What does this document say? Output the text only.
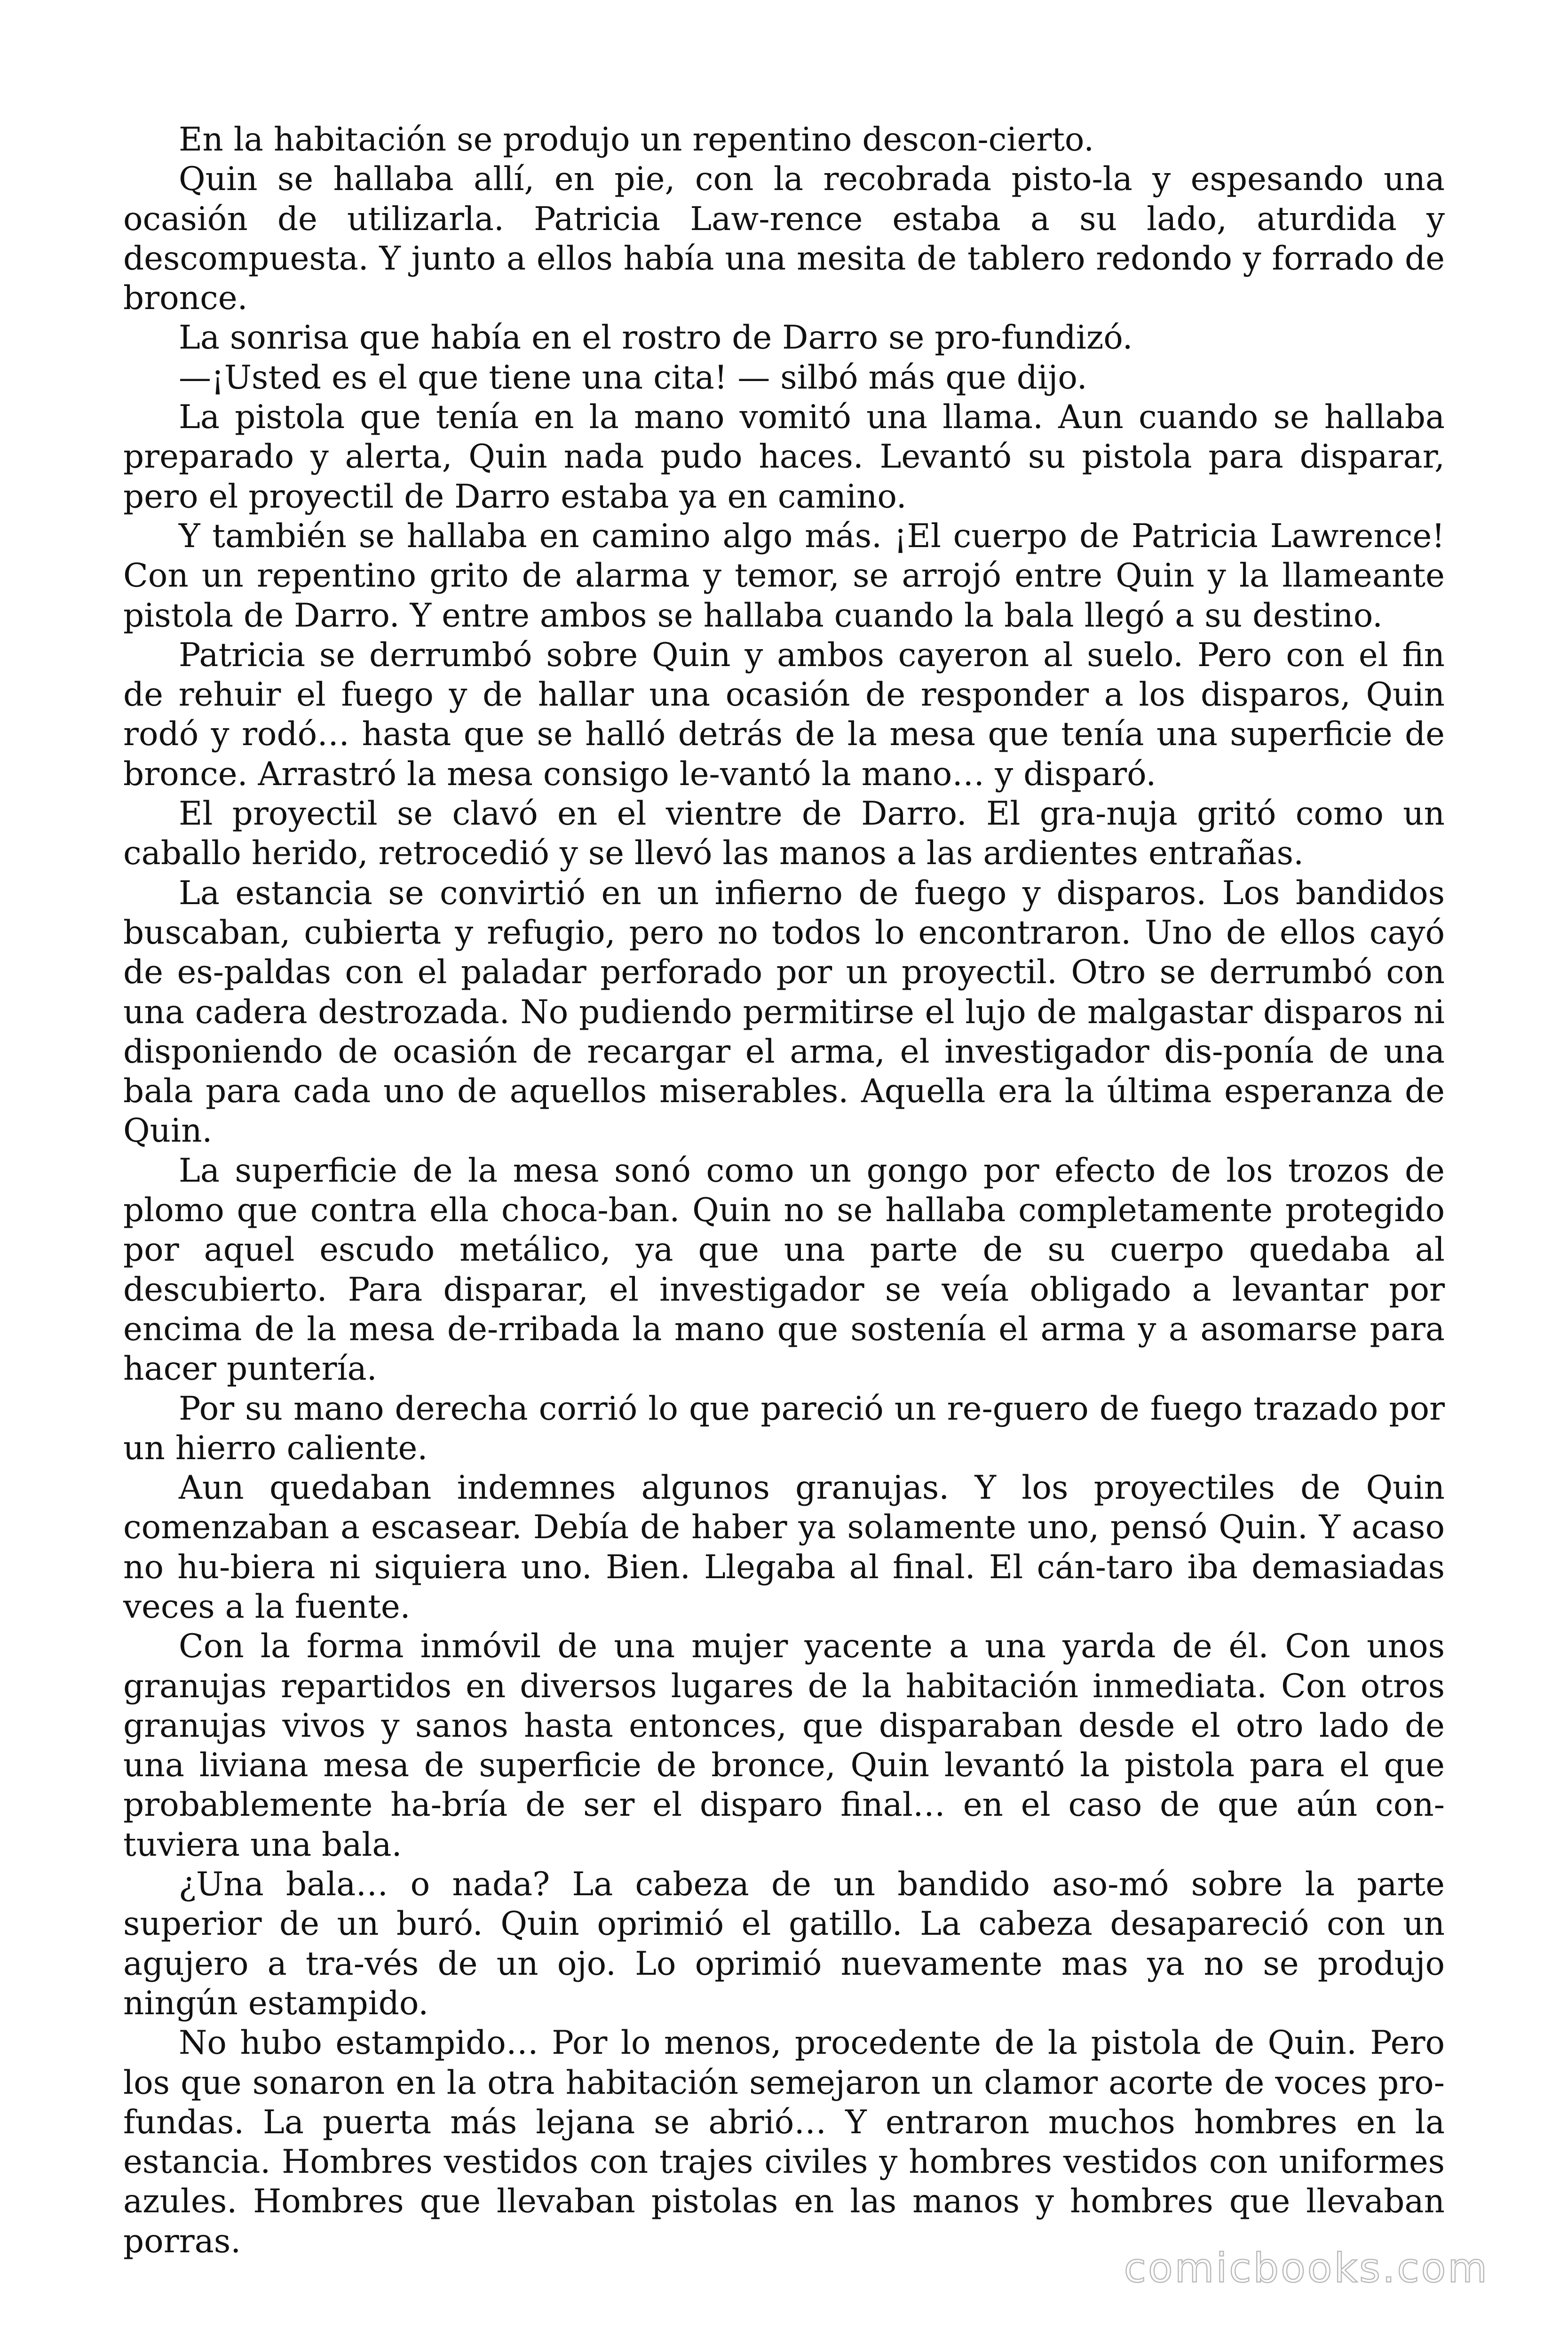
En la habitación se produjo un repentino descon-cierto.

Quin se hallaba allí, en pie, con la recobrada pisto-la y espesando una ocasión de utilizarla. Patricia Law-rence estaba a su lado, aturdida y descompuesta. Y junto a ellos había una mesita de tablero redondo y forrado de bronce.

La sonrisa que había en el rostro de Darro se pro-fundizó.

—¡Usted es el que tiene una cita! — silbó más que dijo.

La pistola que tenía en la mano vomitó una llama. Aun cuando se hallaba preparado y alerta, Quin nada pudo haces. Levantó su pistola para disparar, pero el proyectil de Darro estaba ya en camino.

Y también se hallaba en camino algo más. ¡El cuerpo de Patricia Lawrence! Con un repentino grito de alarma y temor, se arrojó entre Quin y la llameante pistola de Darro. Y entre ambos se hallaba cuando la bala llegó a su destino.

Patricia se derrumbó sobre Quin y ambos cayeron al suelo. Pero con el fin de rehuir el fuego y de hallar una ocasión de responder a los disparos, Quin rodó y rodó… hasta que se halló detrás de la mesa que tenía una superficie de bronce. Arrastró la mesa consigo le-vantó la mano… y disparó.

El proyectil se clavó en el vientre de Darro. El gra-nuja gritó como un caballo herido, retrocedió y se llevó las manos a las ardientes entrañas.

La estancia se convirtió en un infierno de fuego y disparos. Los bandidos buscaban, cubierta y refugio, pero no todos lo encontraron. Uno de ellos cayó de es-paldas con el paladar perforado por un proyectil. Otro se derrumbó con una cadera destrozada. No pudiendo permitirse el lujo de malgastar disparos ni disponiendo de ocasión de recargar el arma, el investigador dis-ponía de una bala para cada uno de aquellos miserables. Aquella era la última esperanza de Quin.

La superficie de la mesa sonó como un gongo por efecto de los trozos de plomo que contra ella choca-ban. Quin no se hallaba completamente protegido por aquel escudo metálico, ya que una parte de su cuerpo quedaba al descubierto. Para disparar, el investigador se veía obligado a levantar por encima de la mesa de-rribada la mano que sostenía el arma y a asomarse para hacer puntería.

Por su mano derecha corrió lo que pareció un re-guero de fuego trazado por un hierro caliente.

Aun quedaban indemnes algunos granujas. Y los proyectiles de Quin comenzaban a escasear. Debía de haber ya solamente uno, pensó Quin. Y acaso no hu-biera ni siquiera uno. Bien. Llegaba al final. El cán-taro iba demasiadas veces a la fuente.

Con la forma inmóvil de una mujer yacente a una yarda de él. Con unos granujas repartidos en diversos lugares de la habitación inmediata. Con otros granujas vivos y sanos hasta entonces, que disparaban desde el otro lado de una liviana mesa de superficie de bronce, Quin levantó la pistola para el que probablemente ha-bría de ser el disparo final… en el caso de que aún con-tuviera una bala.

¿Una bala… o nada? La cabeza de un bandido aso-mó sobre la parte superior de un buró. Quin oprimió el gatillo. La cabeza desapareció con un agujero a tra-vés de un ojo. Lo oprimió nuevamente mas ya no se produjo ningún estampido.

No hubo estampido… Por lo menos, procedente de la pistola de Quin. Pero los que sonaron en la otra habitación semejaron un clamor acorte de voces pro-fundas. La puerta más lejana se abrió… Y entraron muchos hombres en la estancia. Hombres vestidos con trajes civiles y hombres vestidos con uniformes azules. Hombres que llevaban pistolas en las manos y hombres que llevaban porras.

comicbooks.com
